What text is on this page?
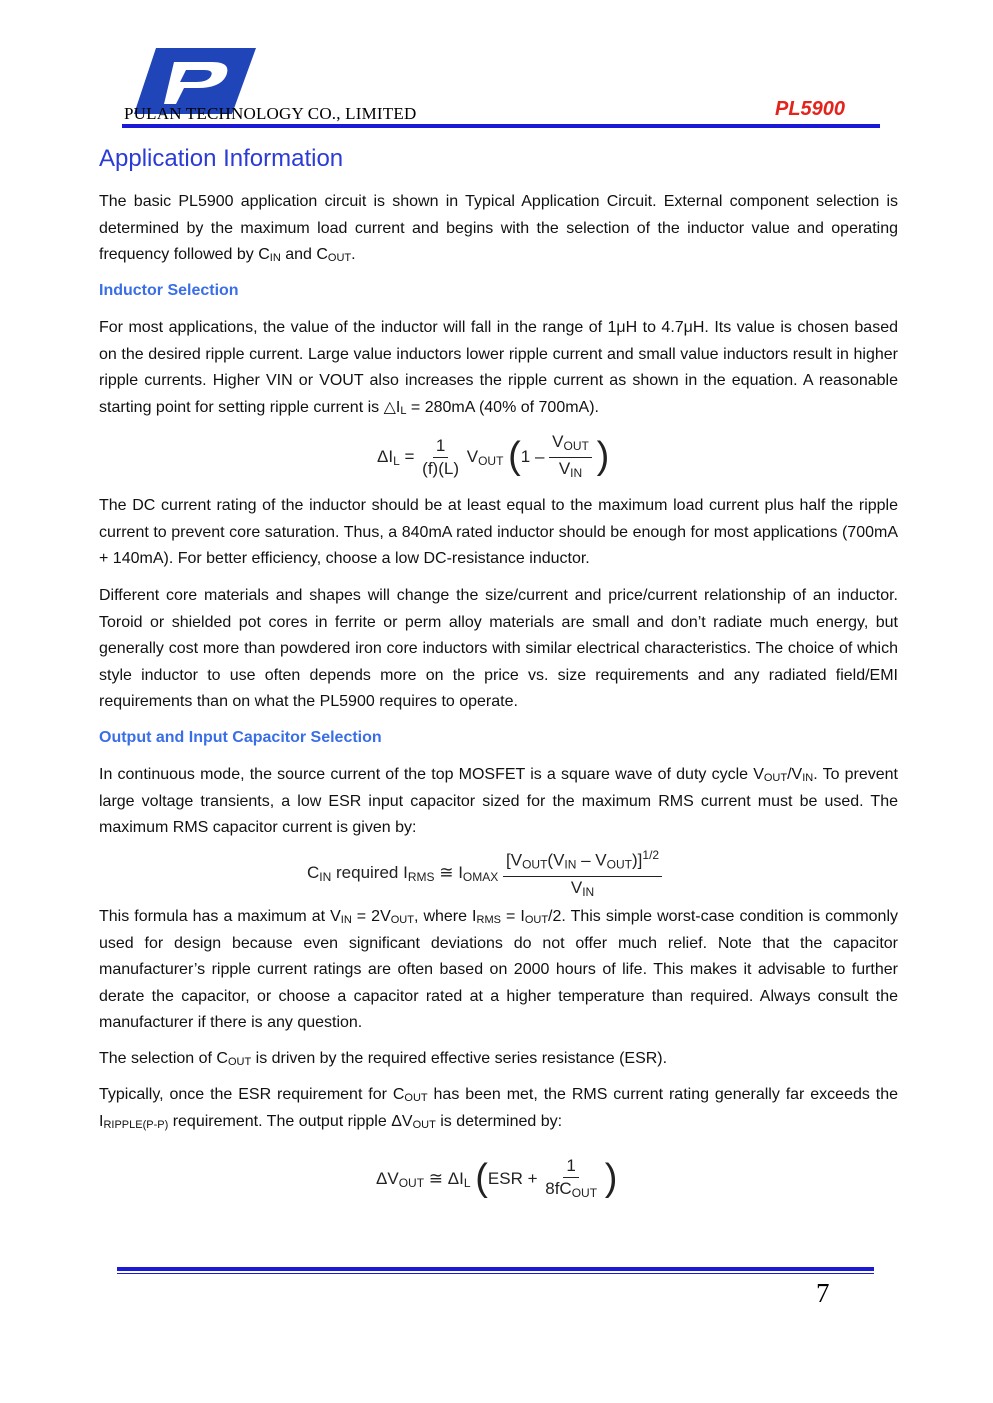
PULAN TECHNOLOGY CO., LIMITED	PL5900
Application Information
The basic PL5900 application circuit is shown in Typical Application Circuit. External component selection is determined by the maximum load current and begins with the selection of the inductor value and operating frequency followed by $C_{IN}$ and $C_{OUT}$.
Inductor Selection
For most applications, the value of the inductor will fall in the range of 1μH to 4.7μH. Its value is chosen based on the desired ripple current. Large value inductors lower ripple current and small value inductors result in higher ripple currents. Higher VIN or VOUT also increases the ripple current as shown in the equation. A reasonable starting point for setting ripple current is $\triangle I_L = 280mA$ (40% of 700mA).
$\Delta IL = \frac{1}{(f)(L)}$ VOUT ($1 - \frac{\text{VOUT}}{\text{VIN}}$ )
The DC current rating of the inductor should be at least equal to the maximum load current plus half the ripple current to prevent core saturation. Thus, a 840mA rated inductor should be enough for most applications (700mA + 140mA). For better efficiency, choose a low DC-resistance inductor.
Different core materials and shapes will change the size/current and price/current relationship of an inductor. Toroid or shielded pot cores in ferrite or perm alloy materials are small and don’t radiate much energy, but generally cost more than powdered iron core inductors with similar electrical characteristics. The choice of which style inductor to use often depends more on the price vs. size requirements and any radiated field/EMI requirements than on what the PL5900 requires to operate.
Output and Input Capacitor Selection
In continuous mode, the source current of the top MOSFET is a square wave of duty cycle $V_{OUT}/V_{IN}$. To prevent large voltage transients, a low ESR input capacitor sized for the maximum RMS current must be used. The maximum RMS capacitor current is given by:
CIN required IRMS ≅ IOMAX $\frac{[VOUT(VIN - VOUT)]^{1/2}}{\text{VIN}}$
This formula has a maximum at $V_{IN} = 2V_{OUT}$, where $I_{RMS} = I_{OUT}/2$. This simple worst-case condition is commonly used for design because even significant deviations do not offer much relief. Note that the capacitor manufacturer’s ripple current ratings are often based on 2000 hours of life. This makes it advisable to further derate the capacitor, or choose a capacitor rated at a higher temperature than required. Always consult the manufacturer if there is any question.
The selection of $C_{OUT}$ is driven by the required effective series resistance (ESR).
Typically, once the ESR requirement for $C_{OUT}$ has been met, the RMS current rating generally far exceeds the $I_{RIPPLE(P-P)}$ requirement. The output ripple $\Delta V_{OUT}$ is determined by:
ΔVOUT ≅ ΔIL ($ESR + \frac{1}{\text{8fCOUT}}$ )
7
